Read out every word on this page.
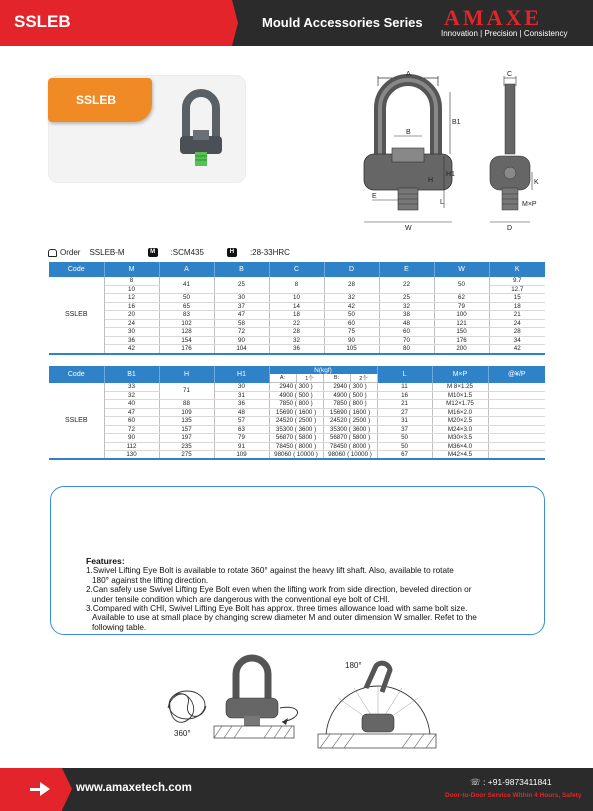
SSLEB	Mould Accessories Series AMAXE
Innovation | Precision | Consistency
SSLEB
A
B
B1
H1
H
E
L
W
C
K
M×P
D
Order SSLEB-M	M	:SCM435	H	:28-33HRC
Code	M	A	B	C	D	E	W	K
SSLEB	8	41	25	8	28	22	50	9.7
	10							12.7
	12	50	30	10	32	25	62	15
	16	65	37	14	42	32	79	18
	20	83	47	18	50	38	100	21
	24	102	58	22	60	48	121	24
	30	128	72	28	75	60	150	28
	36	154	90	32	90	70	176	34
	42	176	104	36	105	80	200	42
Code	B1	H	H1	N(kgf)				L	M×P	@¥/P
				A:	1个	B:	2个			
SSLEB	33	71	30	2940 ( 300 )		2940 ( 300 )		11	M 8×1.25	
	32		31	4900 ( 500 )		4900 ( 500 )		16	M10×1.5	
	40	88	36	7850 ( 800 )		7850 ( 800 )		21	M12×1.75	
	47	109	48	15690 ( 1600 )		15690 ( 1600 )		27	M16×2.0	
	60	135	57	24520 ( 2500 )		24520 ( 2500 )		31	M20×2.5	
	72	157	63	35300 ( 3600 )		35300 ( 3600 )		37	M24×3.0	
	90	197	79	56870 ( 5800 )		56870 ( 5800 )		50	M30×3.5	
	112	235	91	78450 ( 8000 )		78450 ( 8000 )		50	M36×4.0	
	130	275	109	98060 ( 10000 )		98060 ( 10000 )		67	M42×4.5	
Features:

1.Swivel Lifting Eye Bolt is available to rotate 360° against the heavy lift shaft. Also, available to rotate

180° against the lifting direction.

2.Can safely use Swivel Lifting Eye Bolt even when the lifting work from side direction, beveled direction or

under tensile condition which are dangerous with the conventional eye bolt of CHI.

3.Compared with CHI, Swivel Lifting Eye Bolt has approx. three times allowance load with same bolt size.

Available to use at small place by changing screw diameter M and outer dimension W smaller. Refet to the

following table.

360°
180°
www.amaxetech.com	☏ : +91-9873411841
Door-to-Door Service Within 4 Hours, Safety
